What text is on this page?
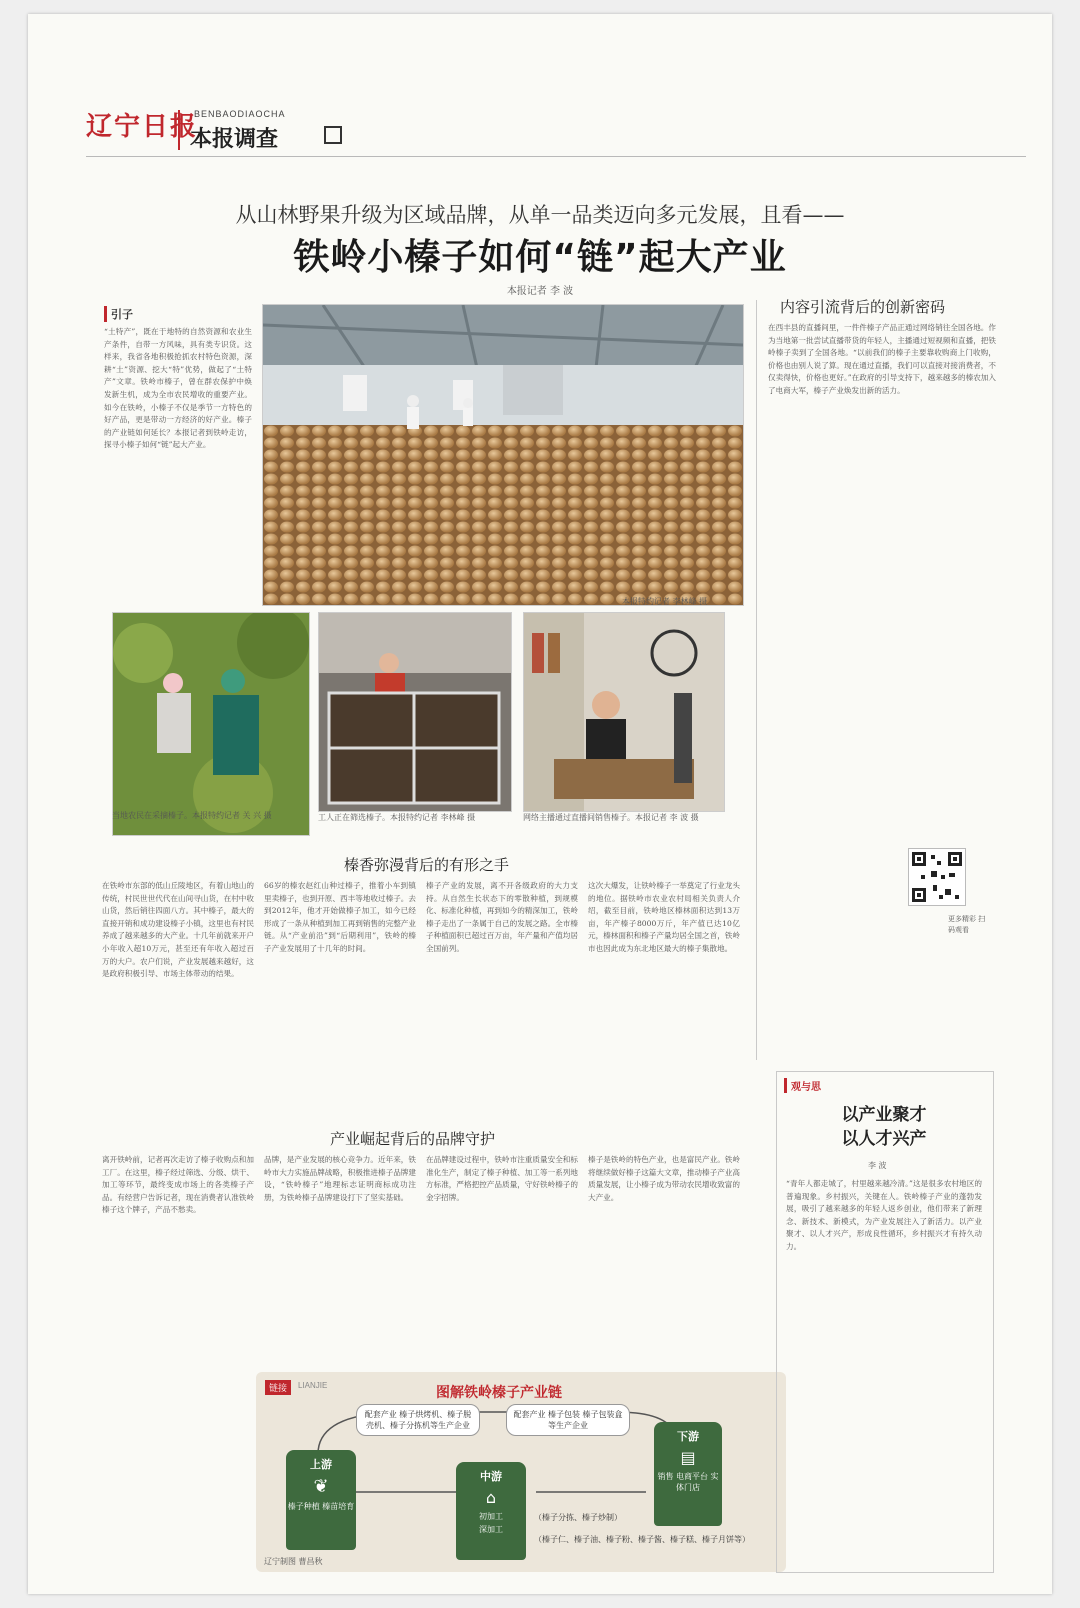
辽宁日报
BENBAODIAOCHA
本报调查
从山林野果升级为区域品牌，从单一品类迈向多元发展，且看——
铁岭小榛子如何“链”起大产业
本报记者 李 波
引子
“土特产”，既在于地特的自然资源和农业生产条件，自带一方风味，具有类专识货。这样来，我省各地积极抢抓农村特色资源，深耕“土”资源、挖大“特”优势，做起了“土特产”文章。铁岭市榛子，曾在群农保护中焕发新生机，成为全市农民增收的重要产业。如今在铁岭，小榛子不仅是季节一方特色的好产品，更是带动一方经济的好产业。榛子的产业链如何延长？本报记者到铁岭走访，探寻小榛子如何“链”起大产业。
本报特约记者 李林峰 摄
当地农民在采摘榛子。本报特约记者 关 兴 摄	工人正在筛选榛子。本报特约记者 李林峰 摄	网络主播通过直播间销售榛子。本报记者 李 波 摄
内容引流背后的创新密码
在西丰县的直播间里，一件件榛子产品正通过网络销往全国各地。作为当地第一批尝试直播带货的年轻人，主播通过短视频和直播，把铁岭榛子卖到了全国各地。“以前我们的榛子主要靠收购商上门收购，价格也由别人说了算。现在通过直播，我们可以直接对接消费者，不仅卖得快，价格也更好。”在政府的引导支持下，越来越多的榛农加入了电商大军，榛子产业焕发出新的活力。
更多精彩 扫码观看
榛香弥漫背后的有形之手
在铁岭市东部的低山丘陵地区，有着山地山的传统，村民世世代代在山间寻山货，在村中收山货，然后销往四面八方。其中榛子，最大的直接开销和成功建设榛子小镇，这里也有村民养成了越来越多的大产业。十几年前就来开户小年收入超10万元，甚至还有年收入超过百万的大户。农户们说，产业发展越来越好，这是政府积极引导、市场主体带动的结果。
66岁的榛农赵红山种过榛子，推着小车到镇里卖榛子，也到开原、西丰等地收过榛子。去到2012年，他才开始做榛子加工，如今已经形成了一条从种植到加工再到销售的完整产业链。从“产业前沿”到“后期利用”，铁岭的榛子产业发展用了十几年的时间。
榛子产业的发展，离不开各级政府的大力支持。从自然生长状态下的零散种植，到规模化、标准化种植，再到如今的精深加工，铁岭榛子走出了一条属于自己的发展之路。全市榛子种植面积已超过百万亩，年产量和产值均居全国前列。
这次大爆发，让铁岭榛子一举奠定了行业龙头的地位。据铁岭市农业农村局相关负责人介绍，截至目前，铁岭地区榛林面积达到13万亩，年产榛子8000万斤，年产值已达10亿元，榛林面积和榛子产量均居全国之首，铁岭市也因此成为东北地区最大的榛子集散地。
产业崛起背后的品牌守护
离开铁岭前，记者再次走访了榛子收购点和加工厂。在这里，榛子经过筛选、分级、烘干、加工等环节，最终变成市场上的各类榛子产品。有经营户告诉记者，现在消费者认准铁岭榛子这个牌子，产品不愁卖。
品牌，是产业发展的核心竞争力。近年来，铁岭市大力实施品牌战略，积极推进榛子品牌建设，“铁岭榛子”地理标志证明商标成功注册，为铁岭榛子品牌建设打下了坚实基础。
在品牌建设过程中，铁岭市注重质量安全和标准化生产，制定了榛子种植、加工等一系列地方标准，严格把控产品质量，守好铁岭榛子的金字招牌。
榛子是铁岭的特色产业，也是富民产业。铁岭将继续做好榛子这篇大文章，推动榛子产业高质量发展，让小榛子成为带动农民增收致富的大产业。
链接	LIANJIE	图解铁岭榛子产业链
配套产业 榛子烘烤机、榛子脱壳机、榛子分拣机等生产企业
配套产业 榛子包装 榛子包装盒等生产企业
上游
❦
榛子种植 榛苗培育
中游
⌂
初加工
深加工
下游
▤
销售 电商平台 实体门店
（榛子分拣、榛子炒制）
（榛子仁、榛子油、榛子粉、榛子酱、榛子糕、榛子月饼等）
辽宁制图 曹昌秋
观与思
以产业聚才
以人才兴产
李 波
“青年人都走城了，村里越来越冷清。”这是很多农村地区的普遍现象。乡村振兴，关键在人。铁岭榛子产业的蓬勃发展，吸引了越来越多的年轻人返乡创业，他们带来了新理念、新技术、新模式，为产业发展注入了新活力。以产业聚才、以人才兴产，形成良性循环，乡村振兴才有持久动力。
